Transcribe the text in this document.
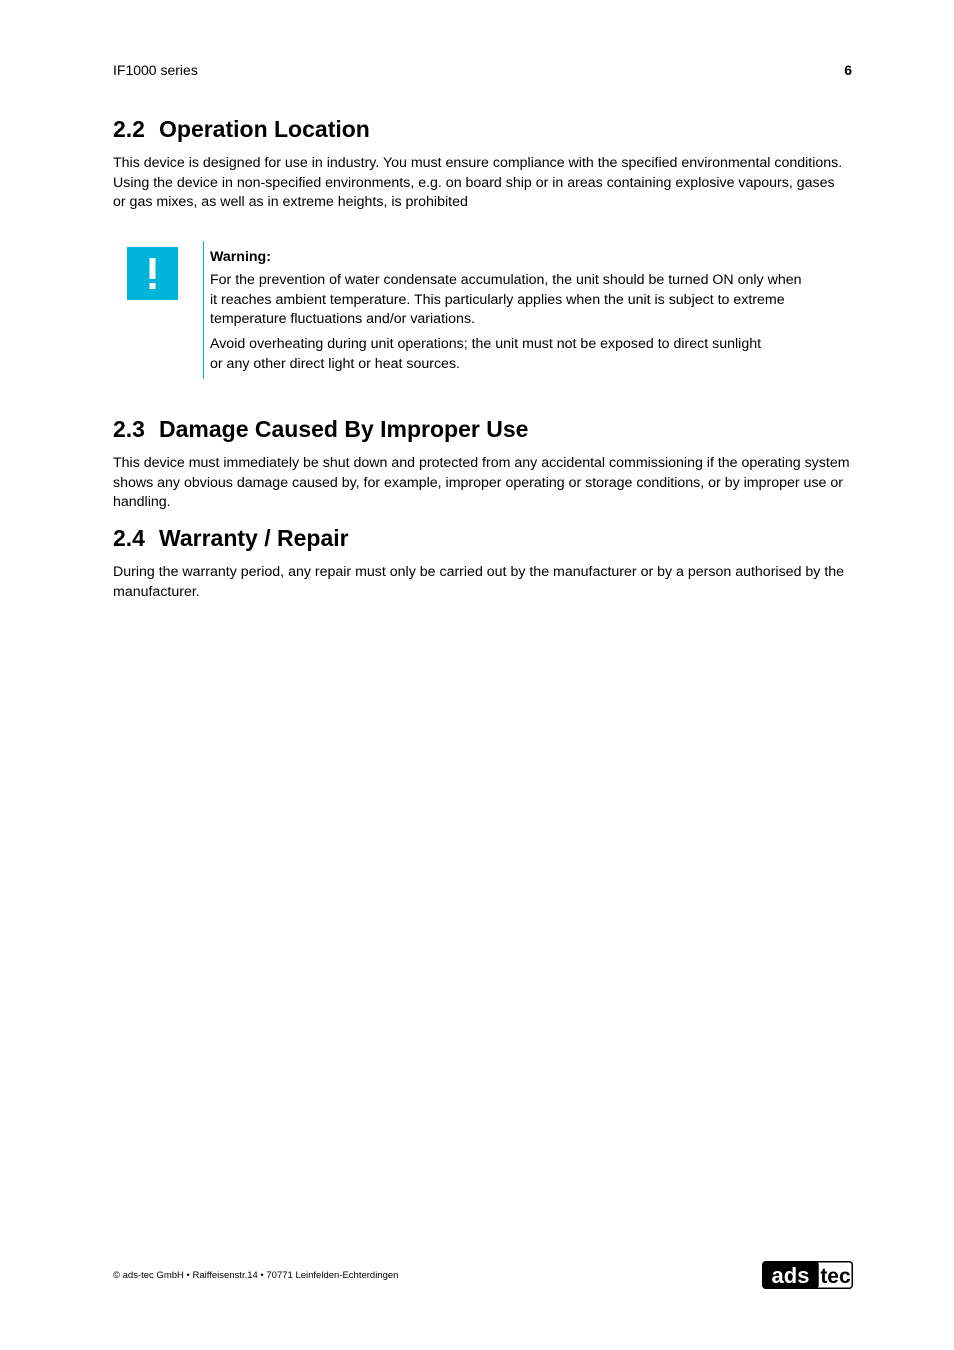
IF1000 series	6
2.2 Operation Location

This device is designed for use in industry. You must ensure compliance with the specified environmental conditions. Using the device in non-specified environments, e.g. on board ship or in areas containing explosive vapours, gases or gas mixes, as well as in extreme heights, is prohibited

Warning:

For the prevention of water condensate accumulation, the unit should be turned ON only when it reaches ambient temperature. This particularly applies when the unit is subject to extreme temperature fluctuations and/or variations.

Avoid overheating during unit operations; the unit must not be exposed to direct sunlight or any other direct light or heat sources.

2.3 Damage Caused By Improper Use

This device must immediately be shut down and protected from any accidental commissioning if the operating system shows any obvious damage caused by, for example, improper operating or storage conditions, or by improper use or handling.

2.4 Warranty / Repair

During the warranty period, any repair must only be carried out by the manufacturer or by a person authorised by the manufacturer.

© ads-tec GmbH • Raiffeisenstr.14 • 70771 Leinfelden-Echterdingen	ads tec
